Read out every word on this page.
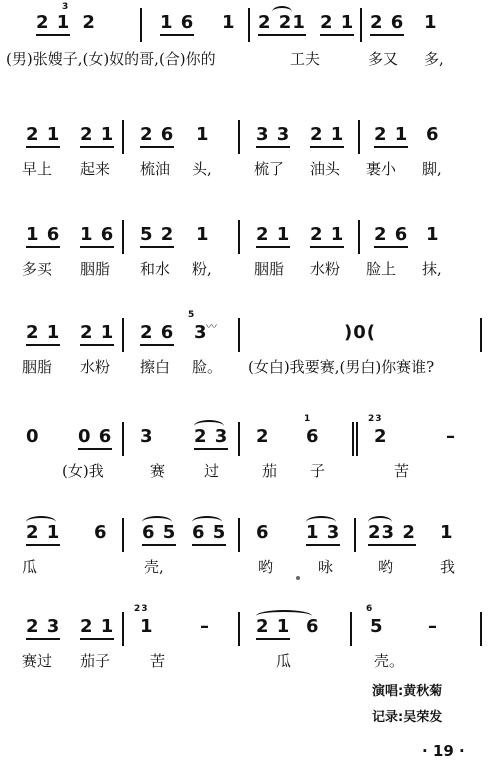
2 1
3
2	1 6 1 2 21 2 1 2 6 1
(男)张嫂子,(女)奴的哥,(合)你的	工夫	多又 多,
2 1 2 1 2 6 1	3 3 2 1 2 1 6
早上 起来 梳油 头,	梳了 油头 裹小 脚,
1 6 1 6 5 2 1	2 1 2 1 2 6 1
多买 胭脂 和水 粉,	胭脂 水粉 脸上 抹,
2 1 2 1 2 6
5
3
〰	)0(
胭脂 水粉 擦白 脸。 (女白)我要赛,(男白)你赛谁?
0 0 6 3 2 3 2
1
6
23
2	–
(女)我	赛	过	茄 子	苦
2 1 6 6 5 6 5 6 1 3 23 2 1
瓜	壳,	哟	咏	哟	我
2 3 2 1
23
1	–	2 1 6
6
5 –
赛过 茄子	苦	瓜	壳。
演唱:黄秋菊
记录:吴荣发
· 19 ·
